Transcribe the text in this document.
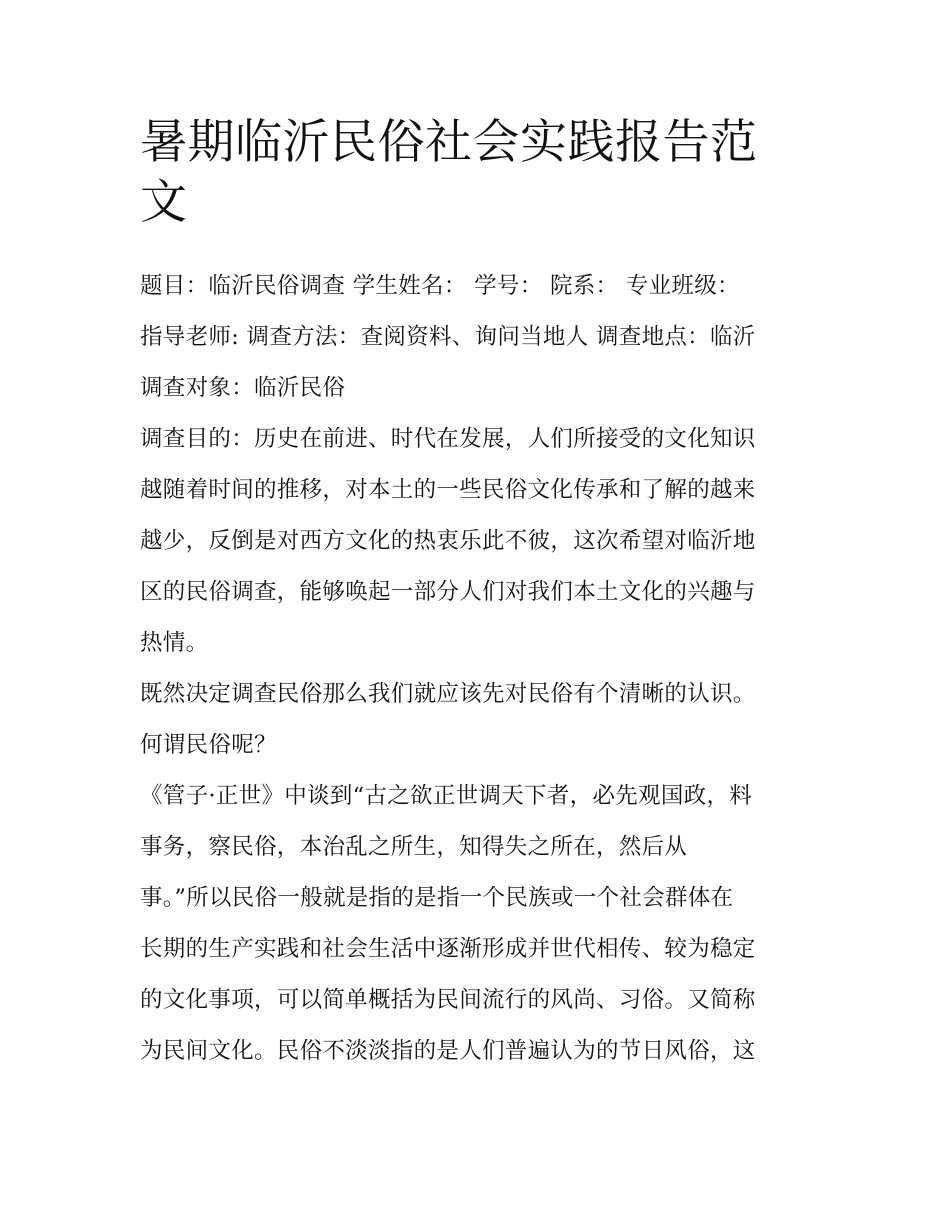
暑期临沂民俗社会实践报告范
文
题目：临沂民俗调查 学生姓名： 学号： 院系： 专业班级：
指导老师: 调查方法：查阅资料、询问当地人 调查地点：临沂
调查对象：临沂民俗
调查目的：历史在前进、时代在发展，人们所接受的文化知识
越随着时间的推移，对本土的一些民俗文化传承和了解的越来
越少，反倒是对西方文化的热衷乐此不彼，这次希望对临沂地
区的民俗调查，能够唤起一部分人们对我们本土文化的兴趣与
热情。
既然决定调查民俗那么我们就应该先对民俗有个清晰的认识。
何谓民俗呢？
《管子·正世》中谈到“古之欲正世调天下者，必先观国政，料
事务，察民俗，本治乱之所生，知得失之所在，然后从
事。”所以民俗一般就是指的是指一个民族或一个社会群体在
长期的生产实践和社会生活中逐渐形成并世代相传、较为稳定
的文化事项，可以简单概括为民间流行的风尚、习俗。又简称
为民间文化。民俗不淡淡指的是人们普遍认为的节日风俗，这
